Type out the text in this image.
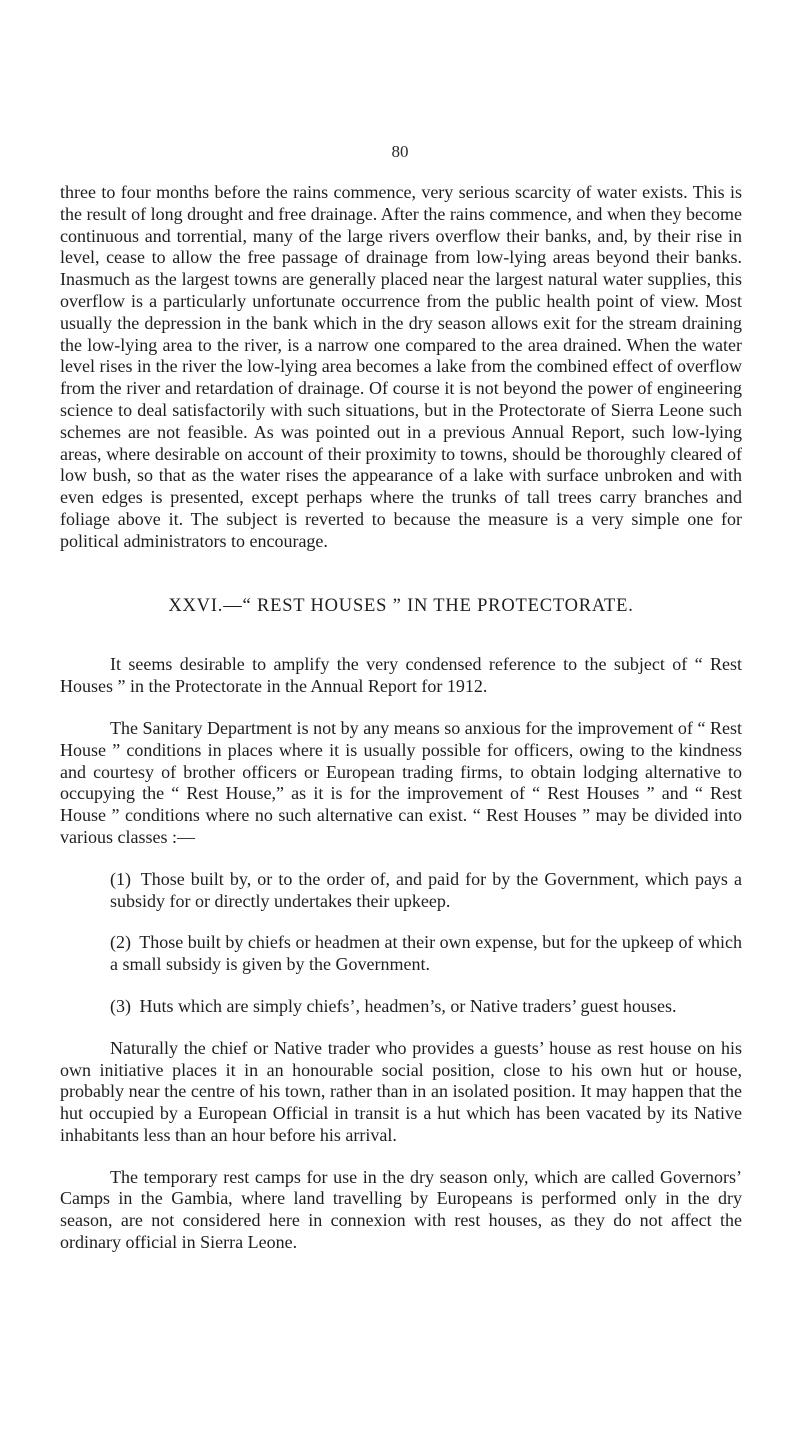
80

three to four months before the rains commence, very serious scarcity of water exists. This is the result of long drought and free drainage. After the rains commence, and when they become continuous and torrential, many of the large rivers overflow their banks, and, by their rise in level, cease to allow the free passage of drainage from low-lying areas beyond their banks. Inasmuch as the largest towns are generally placed near the largest natural water supplies, this overflow is a particularly unfortunate occurrence from the public health point of view. Most usually the depression in the bank which in the dry season allows exit for the stream draining the low-lying area to the river, is a narrow one compared to the area drained. When the water level rises in the river the low-lying area becomes a lake from the combined effect of overflow from the river and retardation of drainage. Of course it is not beyond the power of engineering science to deal satisfactorily with such situations, but in the Protectorate of Sierra Leone such schemes are not feasible. As was pointed out in a previous Annual Report, such low-lying areas, where desirable on account of their proximity to towns, should be thoroughly cleared of low bush, so that as the water rises the appearance of a lake with surface unbroken and with even edges is presented, except perhaps where the trunks of tall trees carry branches and foliage above it. The subject is reverted to because the measure is a very simple one for political administrators to encourage.

XXVI.—“ REST HOUSES ” IN THE PROTECTORATE.

It seems desirable to amplify the very condensed reference to the subject of “ Rest Houses ” in the Protectorate in the Annual Report for 1912.

The Sanitary Department is not by any means so anxious for the improvement of “ Rest House ” conditions in places where it is usually possible for officers, owing to the kindness and courtesy of brother officers or European trading firms, to obtain lodging alternative to occupying the “ Rest House,” as it is for the improvement of “ Rest Houses ” and “ Rest House ” conditions where no such alternative can exist. “ Rest Houses ” may be divided into various classes :—

(1) Those built by, or to the order of, and paid for by the Government, which pays a subsidy for or directly undertakes their upkeep.

(2) Those built by chiefs or headmen at their own expense, but for the upkeep of which a small subsidy is given by the Government.

(3) Huts which are simply chiefs’, headmen’s, or Native traders’ guest houses.

Naturally the chief or Native trader who provides a guests’ house as rest house on his own initiative places it in an honourable social position, close to his own hut or house, probably near the centre of his town, rather than in an isolated position. It may happen that the hut occupied by a European Official in transit is a hut which has been vacated by its Native inhabitants less than an hour before his arrival.

The temporary rest camps for use in the dry season only, which are called Governors’ Camps in the Gambia, where land travelling by Europeans is performed only in the dry season, are not considered here in connexion with rest houses, as they do not affect the ordinary official in Sierra Leone.
